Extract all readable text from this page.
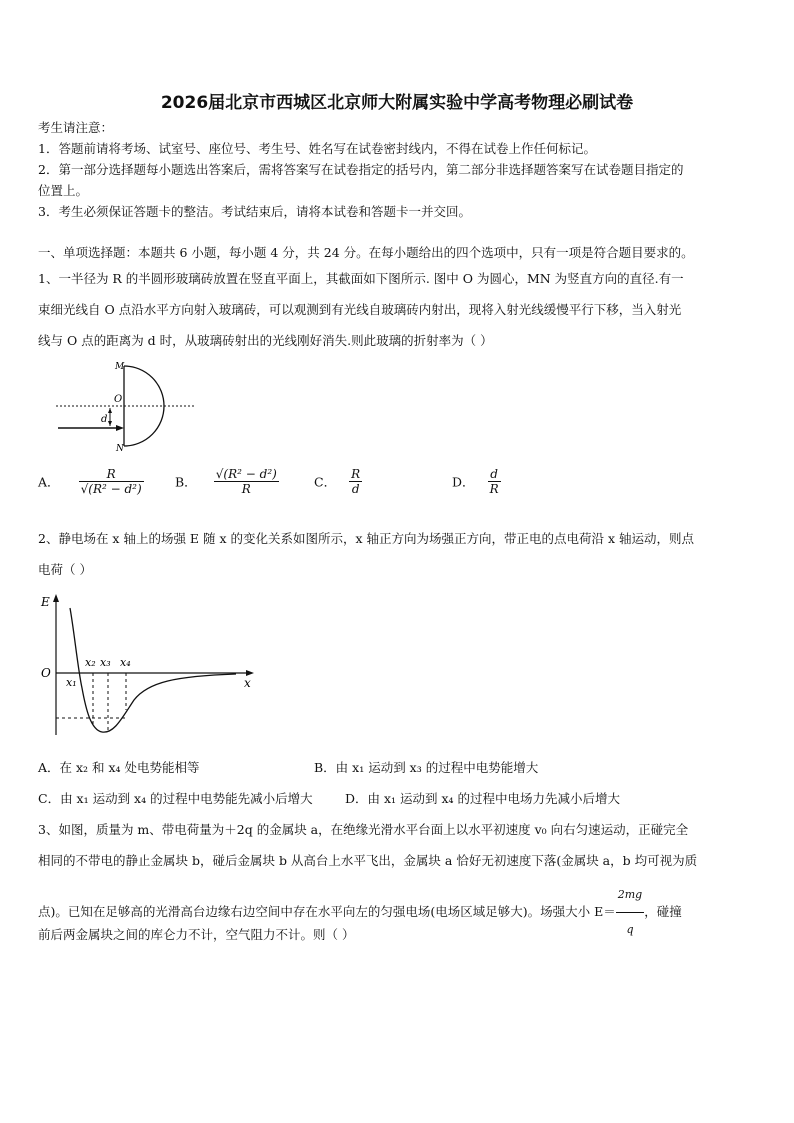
2026届北京市西城区北京师大附属实验中学高考物理必刷试卷
考生请注意：
1．答题前请将考场、试室号、座位号、考生号、姓名写在试卷密封线内，不得在试卷上作任何标记。
2．第一部分选择题每小题选出答案后，需将答案写在试卷指定的括号内，第二部分非选择题答案写在试卷题目指定的
位置上。
3．考生必须保证答题卡的整洁。考试结束后，请将本试卷和答题卡一并交回。
一、单项选择题：本题共 6 小题，每小题 4 分，共 24 分。在每小题给出的四个选项中，只有一项是符合题目要求的。
1、一半径为 R 的半圆形玻璃砖放置在竖直平面上，其截面如下图所示. 图中 O 为圆心，MN 为竖直方向的直径.有一
束细光线自 O 点沿水平方向射入玻璃砖，可以观测到有光线自玻璃砖内射出，现将入射光线缓慢平行下移，当入射光
线与 O 点的距离为 d 时，从玻璃砖射出的光线刚好消失.则此玻璃的折射率为（ ）
M
O
d
N
A． $\frac{R}{\text{√(R² − d²)}}$	B． $\frac{\text{√(R² − d²)}}{R}$	C． $\frac{R}{d}$	D． $\frac{d}{R}$
2、静电场在 x 轴上的场强 E 随 x 的变化关系如图所示，x 轴正方向为场强正方向，带正电的点电荷沿 x 轴运动，则点
电荷（ ）
E
O
x
x₁
x₂ x₃ x₄
A．在 x₂ 和 x₄ 处电势能相等	B．由 x₁ 运动到 x₃ 的过程中电势能增大
C．由 x₁ 运动到 x₄ 的过程中电势能先减小后增大	D．由 x₁ 运动到 x₄ 的过程中电场力先减小后增大
3、如图，质量为 m、带电荷量为＋2q 的金属块 a，在绝缘光滑水平台面上以水平初速度 v₀ 向右匀速运动，正碰完全
相同的不带电的静止金属块 b，碰后金属块 b 从高台上水平飞出，金属块 a 恰好无初速度下落(金属块 a，b 均可视为质
点)。已知在足够高的光滑高台边缘右边空间中存在水平向左的匀强电场(电场区域足够大)。场强大小 $E= \frac{2mg}{q}$ ，碰撞
前后两金属块之间的库仑力不计，空气阻力不计。则（ ）
